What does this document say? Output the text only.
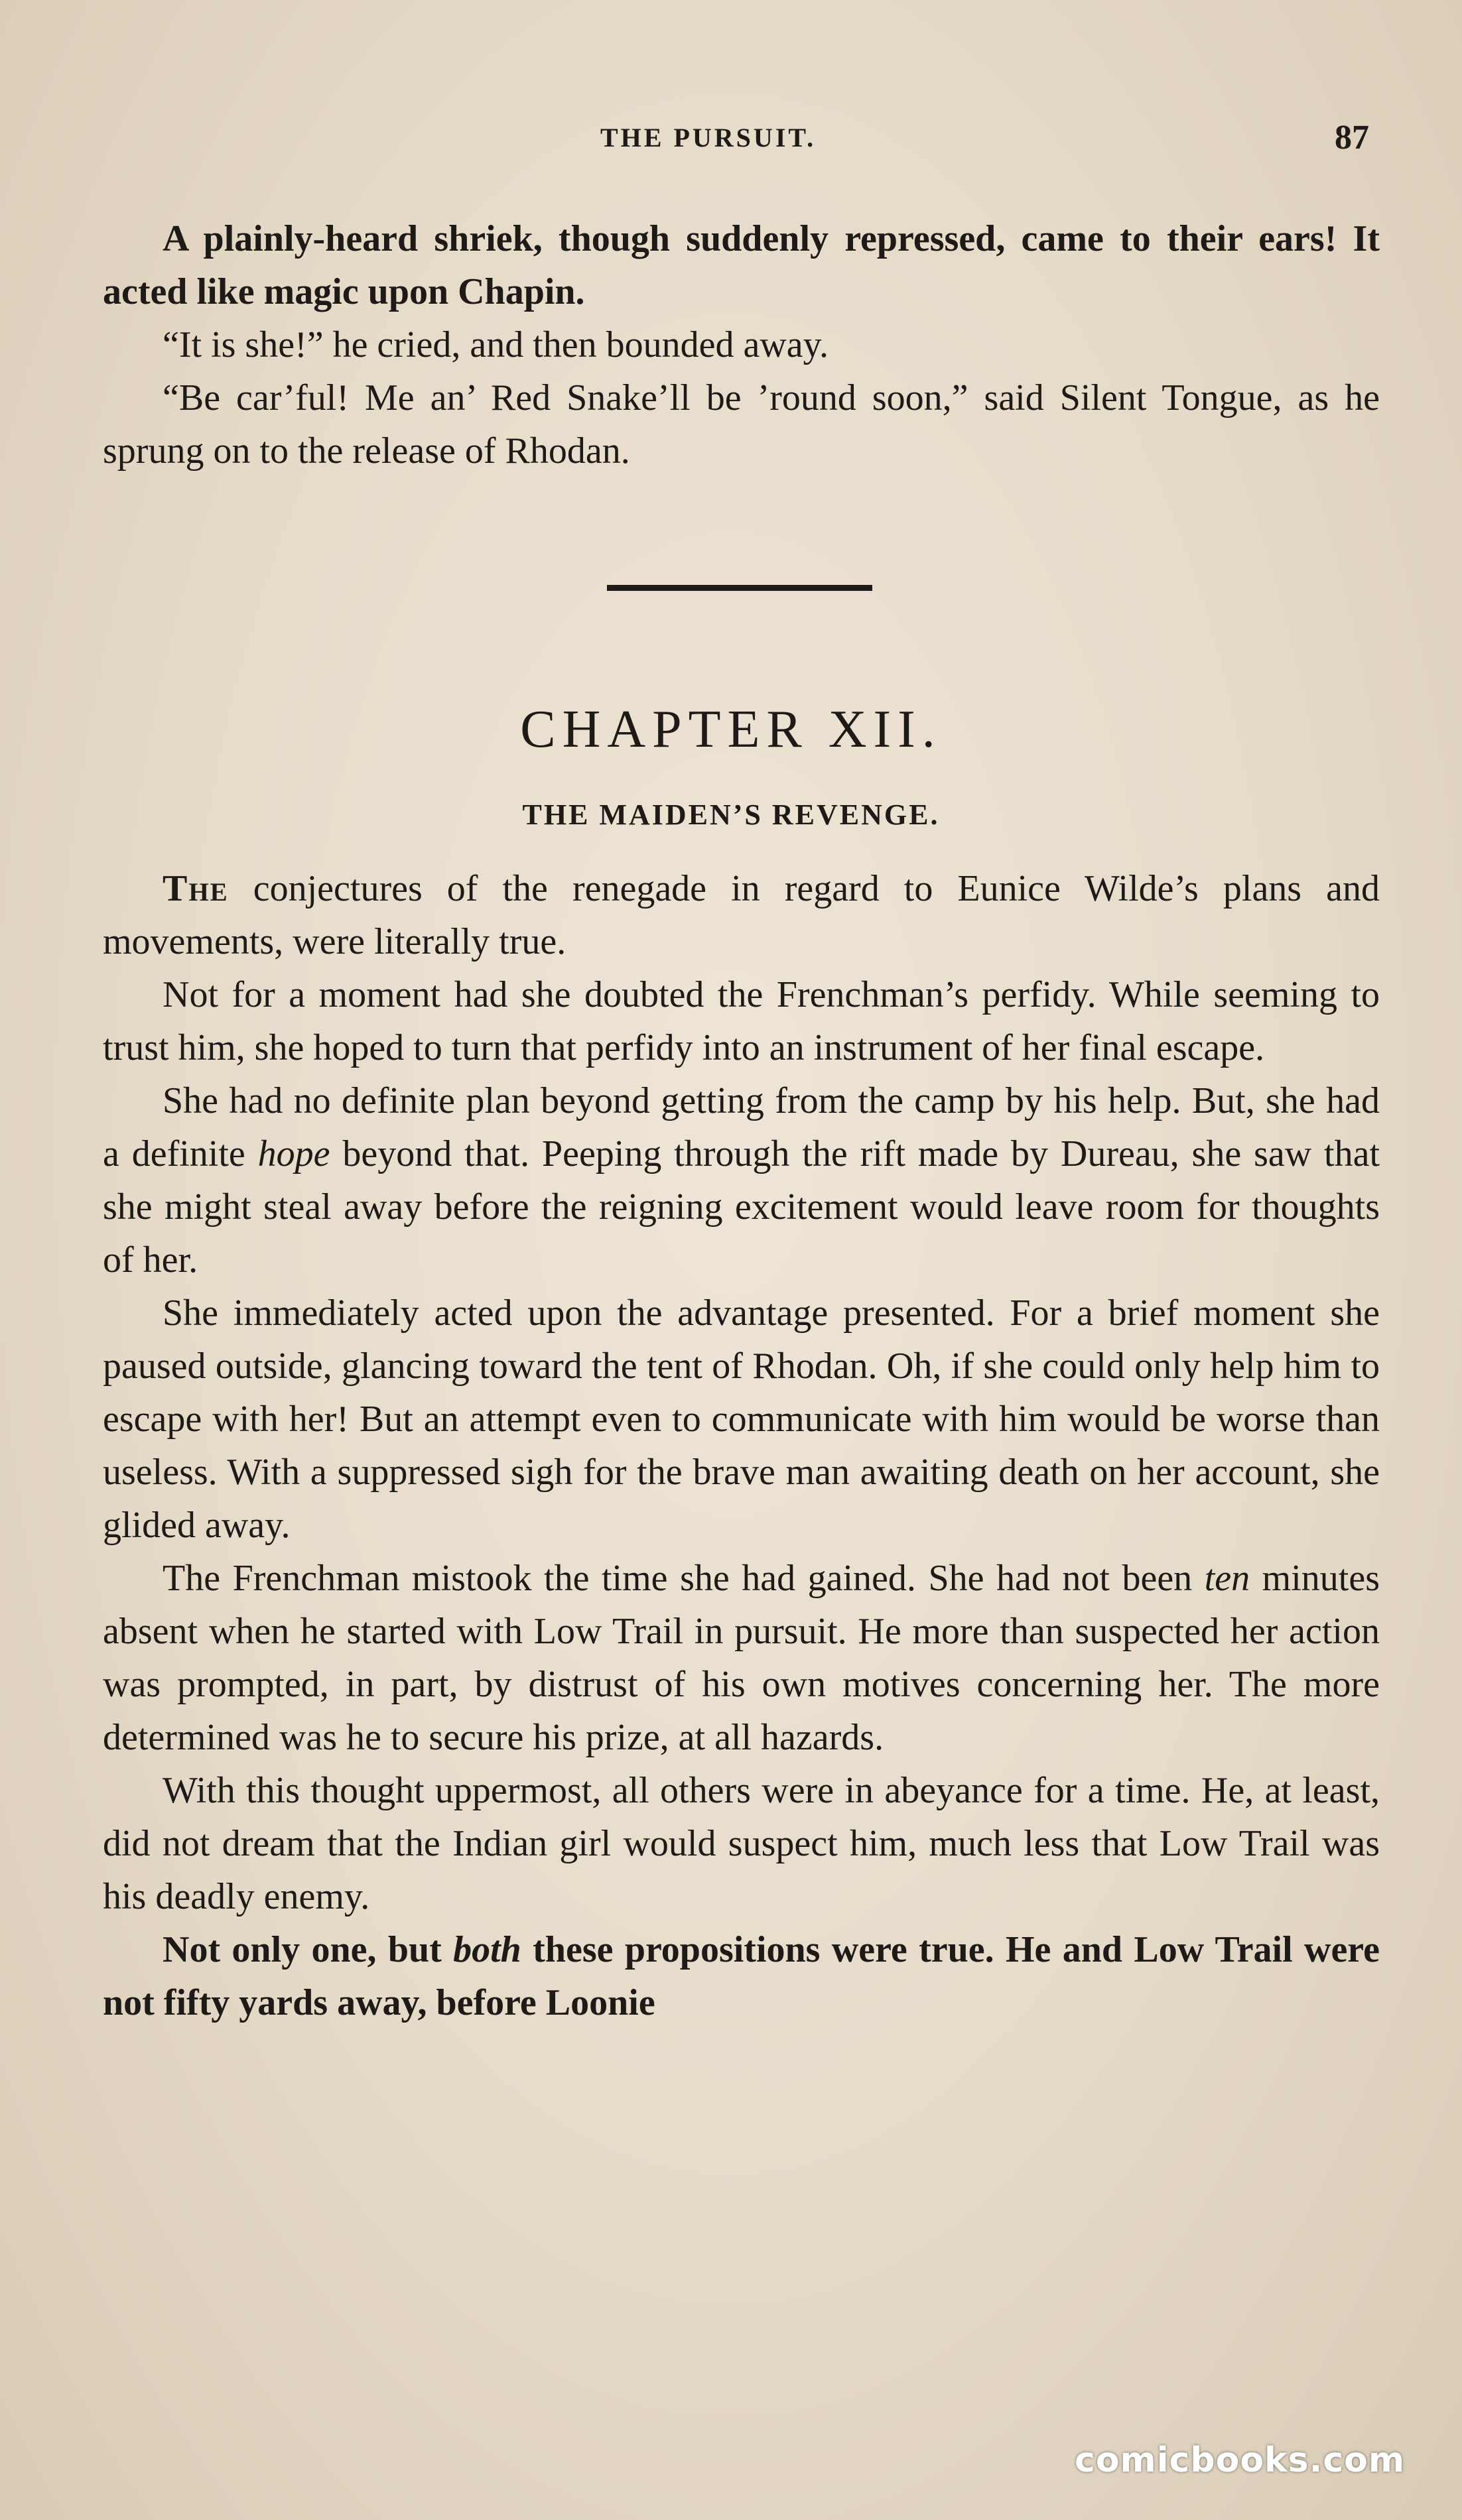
THE PURSUIT.	87

A plainly-heard shriek, though suddenly repressed, came to their ears! It acted like magic upon Chapin.

“It is she!” he cried, and then bounded away.

“Be car’ful! Me an’ Red Snake’ll be ’round soon,” said Silent Tongue, as he sprung on to the release of Rhodan.

CHAPTER XII.
THE MAIDEN’S REVENGE.

The conjectures of the renegade in regard to Eunice Wilde’s plans and movements, were literally true.

Not for a moment had she doubted the Frenchman’s perfidy. While seeming to trust him, she hoped to turn that perfidy into an instrument of her final escape.

She had no definite plan beyond getting from the camp by his help. But, she had a definite hope beyond that. Peeping through the rift made by Dureau, she saw that she might steal away before the reigning excitement would leave room for thoughts of her.

She immediately acted upon the advantage presented. For a brief moment she paused outside, glancing toward the tent of Rhodan. Oh, if she could only help him to escape with her! But an attempt even to communicate with him would be worse than useless. With a suppressed sigh for the brave man awaiting death on her account, she glided away.

The Frenchman mistook the time she had gained. She had not been ten minutes absent when he started with Low Trail in pursuit. He more than suspected her action was prompted, in part, by distrust of his own motives concerning her. The more determined was he to secure his prize, at all hazards.

With this thought uppermost, all others were in abeyance for a time. He, at least, did not dream that the Indian girl would suspect him, much less that Low Trail was his deadly enemy.

Not only one, but both these propositions were true. He and Low Trail were not fifty yards away, before Loonie

comicbooks.com
